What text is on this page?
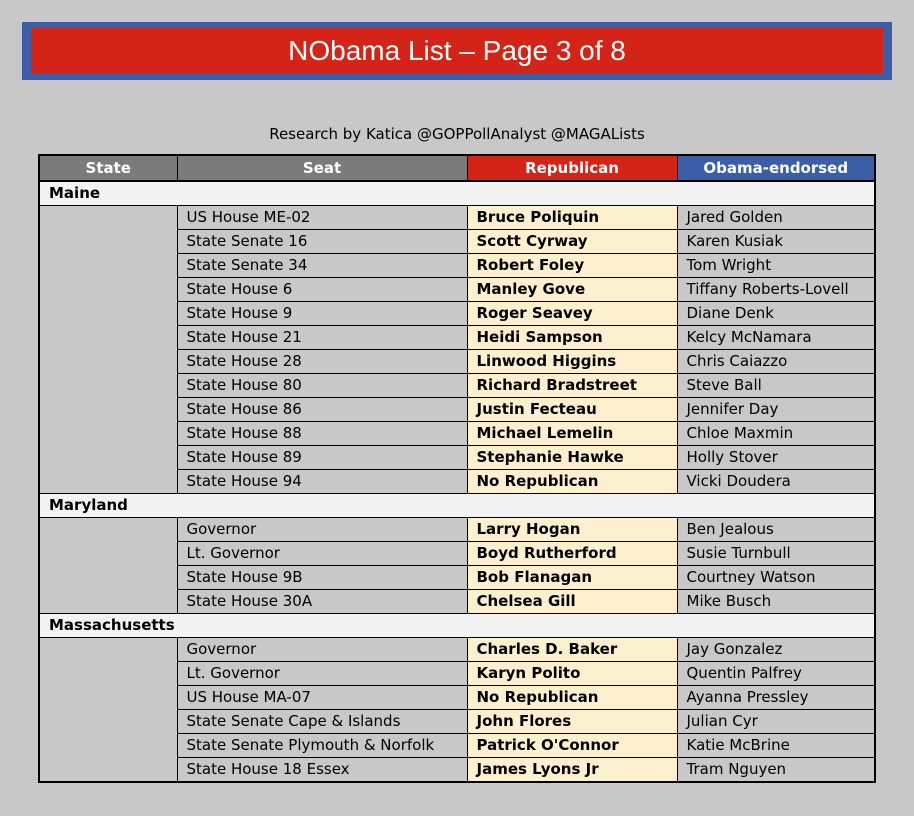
NObama List – Page 3 of 8
Research by Katica @GOPPollAnalyst @MAGALists
State	Seat	Republican	Obama-endorsed
Maine			
	US House ME-02	Bruce Poliquin	Jared Golden
	State Senate 16	Scott Cyrway	Karen Kusiak
	State Senate 34	Robert Foley	Tom Wright
	State House 6	Manley Gove	Tiffany Roberts-Lovell
	State House 9	Roger Seavey	Diane Denk
	State House 21	Heidi Sampson	Kelcy McNamara
	State House 28	Linwood Higgins	Chris Caiazzo
	State House 80	Richard Bradstreet	Steve Ball
	State House 86	Justin Fecteau	Jennifer Day
	State House 88	Michael Lemelin	Chloe Maxmin
	State House 89	Stephanie Hawke	Holly Stover
	State House 94	No Republican	Vicki Doudera
Maryland			
	Governor	Larry Hogan	Ben Jealous
	Lt. Governor	Boyd Rutherford	Susie Turnbull
	State House 9B	Bob Flanagan	Courtney Watson
	State House 30A	Chelsea Gill	Mike Busch
Massachusetts			
	Governor	Charles D. Baker	Jay Gonzalez
	Lt. Governor	Karyn Polito	Quentin Palfrey
	US House MA-07	No Republican	Ayanna Pressley
	State Senate Cape & Islands	John Flores	Julian Cyr
	State Senate Plymouth & Norfolk	Patrick O'Connor	Katie McBrine
	State House 18 Essex	James Lyons Jr	Tram Nguyen
